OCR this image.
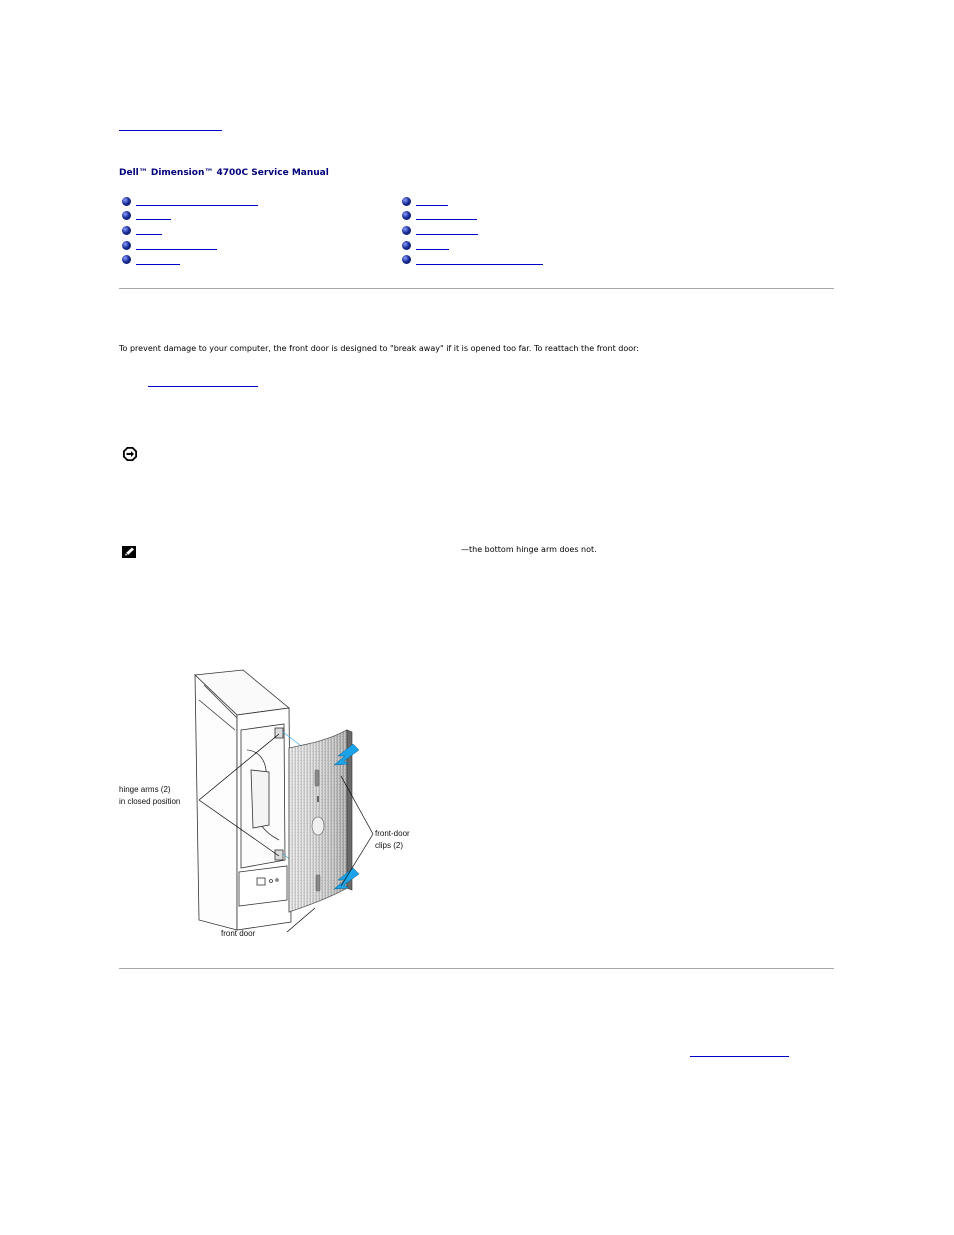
Dell™ Dimension™ 4700C Service Manual
To prevent damage to your computer, the front door is designed to "break away" if it is opened too far. To reattach the front door:
—the bottom hinge arm does not.
hinge arms (2)
in closed position
front-door
clips (2)
front door
